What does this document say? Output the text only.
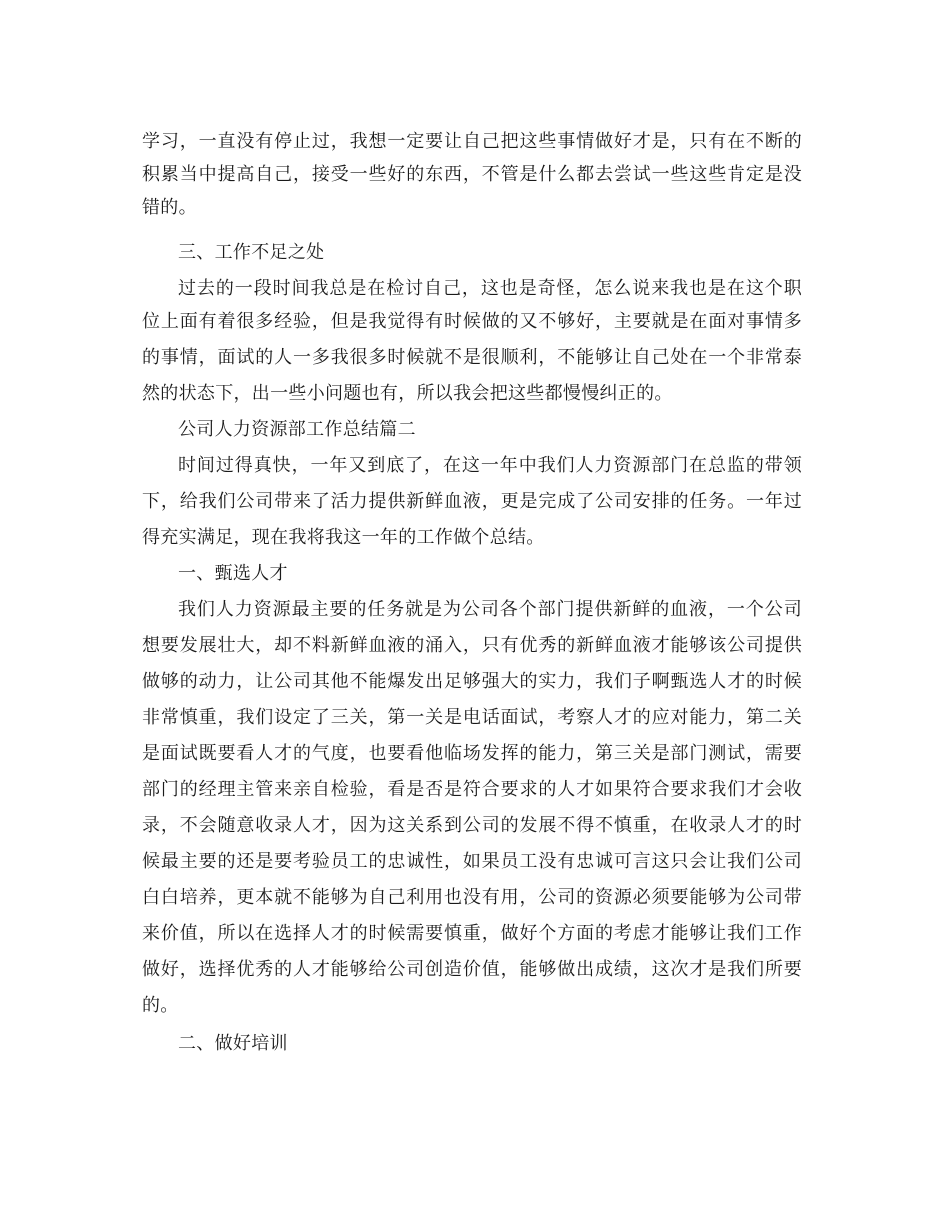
学习，一直没有停止过，我想一定要让自己把这些事情做好才是，只有在不断的
积累当中提高自己，接受一些好的东西，不管是什么都去尝试一些这些肯定是没
错的。
三、工作不足之处
过去的一段时间我总是在检讨自己，这也是奇怪，怎么说来我也是在这个职
位上面有着很多经验，但是我觉得有时候做的又不够好，主要就是在面对事情多
的事情，面试的人一多我很多时候就不是很顺利，不能够让自己处在一个非常泰
然的状态下，出一些小问题也有，所以我会把这些都慢慢纠正的。
公司人力资源部工作总结篇二
时间过得真快，一年又到底了，在这一年中我们人力资源部门在总监的带领
下，给我们公司带来了活力提供新鲜血液，更是完成了公司安排的任务。一年过
得充实满足，现在我将我这一年的工作做个总结。
一、甄选人才
我们人力资源最主要的任务就是为公司各个部门提供新鲜的血液，一个公司
想要发展壮大，却不料新鲜血液的涌入，只有优秀的新鲜血液才能够该公司提供
做够的动力，让公司其他不能爆发出足够强大的实力，我们子啊甄选人才的时候
非常慎重，我们设定了三关，第一关是电话面试，考察人才的应对能力，第二关
是面试既要看人才的气度，也要看他临场发挥的能力，第三关是部门测试，需要
部门的经理主管来亲自检验，看是否是符合要求的人才如果符合要求我们才会收
录，不会随意收录人才，因为这关系到公司的发展不得不慎重，在收录人才的时
候最主要的还是要考验员工的忠诚性，如果员工没有忠诚可言这只会让我们公司
白白培养，更本就不能够为自己利用也没有用，公司的资源必须要能够为公司带
来价值，所以在选择人才的时候需要慎重，做好个方面的考虑才能够让我们工作
做好，选择优秀的人才能够给公司创造价值，能够做出成绩，这次才是我们所要
的。
二、做好培训
